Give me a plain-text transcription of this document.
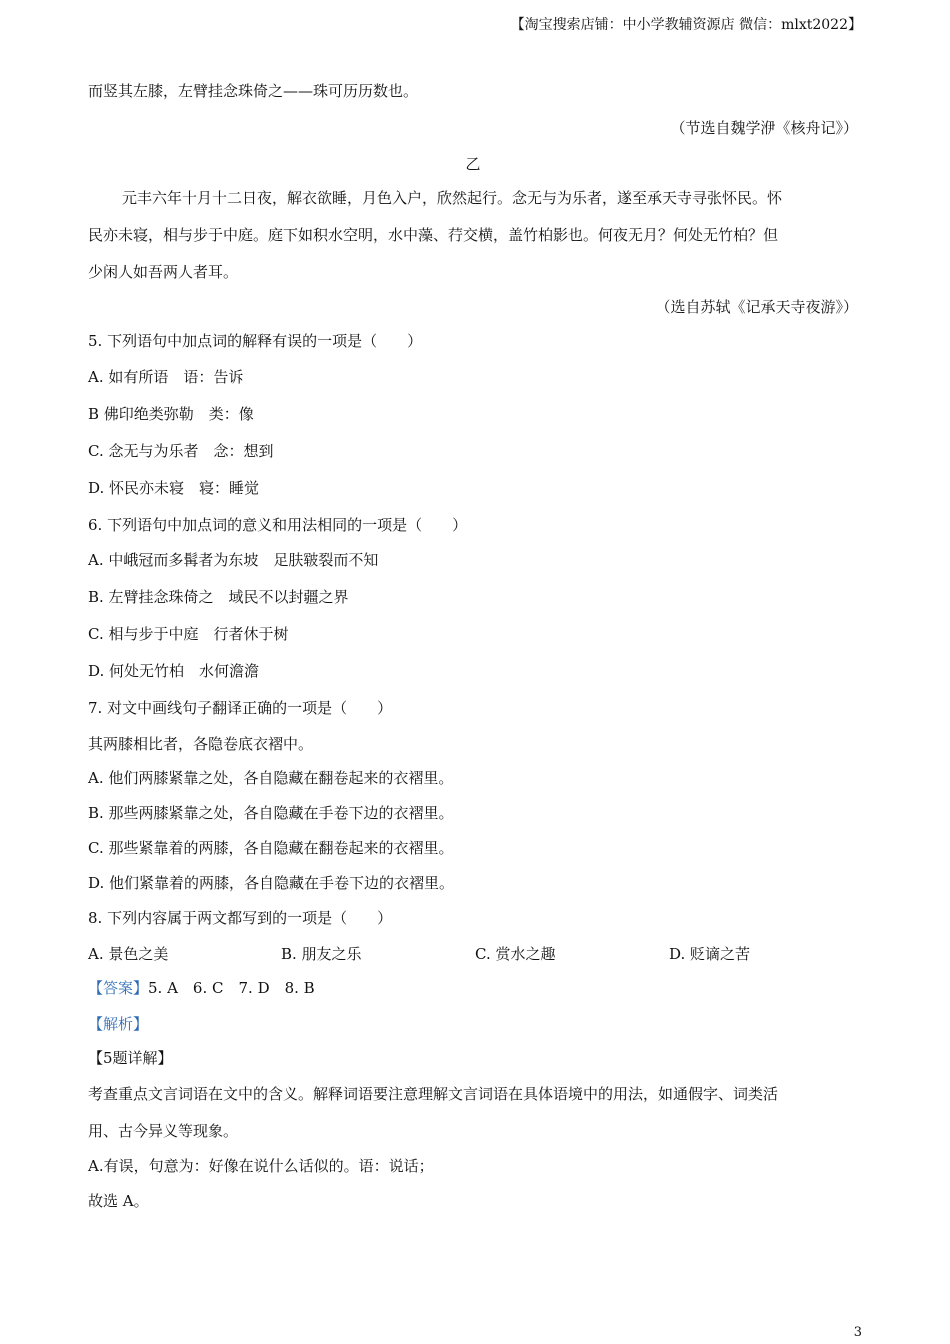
【淘宝搜索店铺：中小学教辅资源店 微信：mlxt2022】
而竖其左膝，左臂挂念珠倚之——珠可历历数也。
（节选自魏学洢《核舟记》）
乙
元丰六年十月十二日夜，解衣欲睡，月色入户，欣然起行。念无与为乐者，遂至承天寺寻张怀民。怀
民亦未寝，相与步于中庭。庭下如积水空明，水中藻、荇交横，盖竹柏影也。何夜无月？何处无竹柏？但
少闲人如吾两人者耳。
（选自苏轼《记承天寺夜游》）
5. 下列语句中加点词的解释有误的一项是（　　）
A. 如有所语　语：告诉
B 佛印绝类弥勒　类：像
C. 念无与为乐者　念：想到
D. 怀民亦未寝　寝：睡觉
6. 下列语句中加点词的意义和用法相同的一项是（　　）
A. 中峨冠而多髯者为东坡　足肤皲裂而不知
B. 左臂挂念珠倚之　域民不以封疆之界
C. 相与步于中庭　行者休于树
D. 何处无竹柏　水何澹澹
7. 对文中画线句子翻译正确的一项是（　　）
其两膝相比者，各隐卷底衣褶中。
A. 他们两膝紧靠之处，各自隐藏在翻卷起来的衣褶里。
B. 那些两膝紧靠之处，各自隐藏在手卷下边的衣褶里。
C. 那些紧靠着的两膝，各自隐藏在翻卷起来的衣褶里。
D. 他们紧靠着的两膝，各自隐藏在手卷下边的衣褶里。
8. 下列内容属于两文都写到的一项是（　　）
A. 景色之美	B. 朋友之乐	C. 赏水之趣	D. 贬谪之苦
【答案】5. A　6. C　7. D　8. B
【解析】
【5题详解】
考查重点文言词语在文中的含义。解释词语要注意理解文言词语在具体语境中的用法，如通假字、词类活
用、古今异义等现象。
A.有误，句意为：好像在说什么话似的。语：说话；
故选 A。
3
